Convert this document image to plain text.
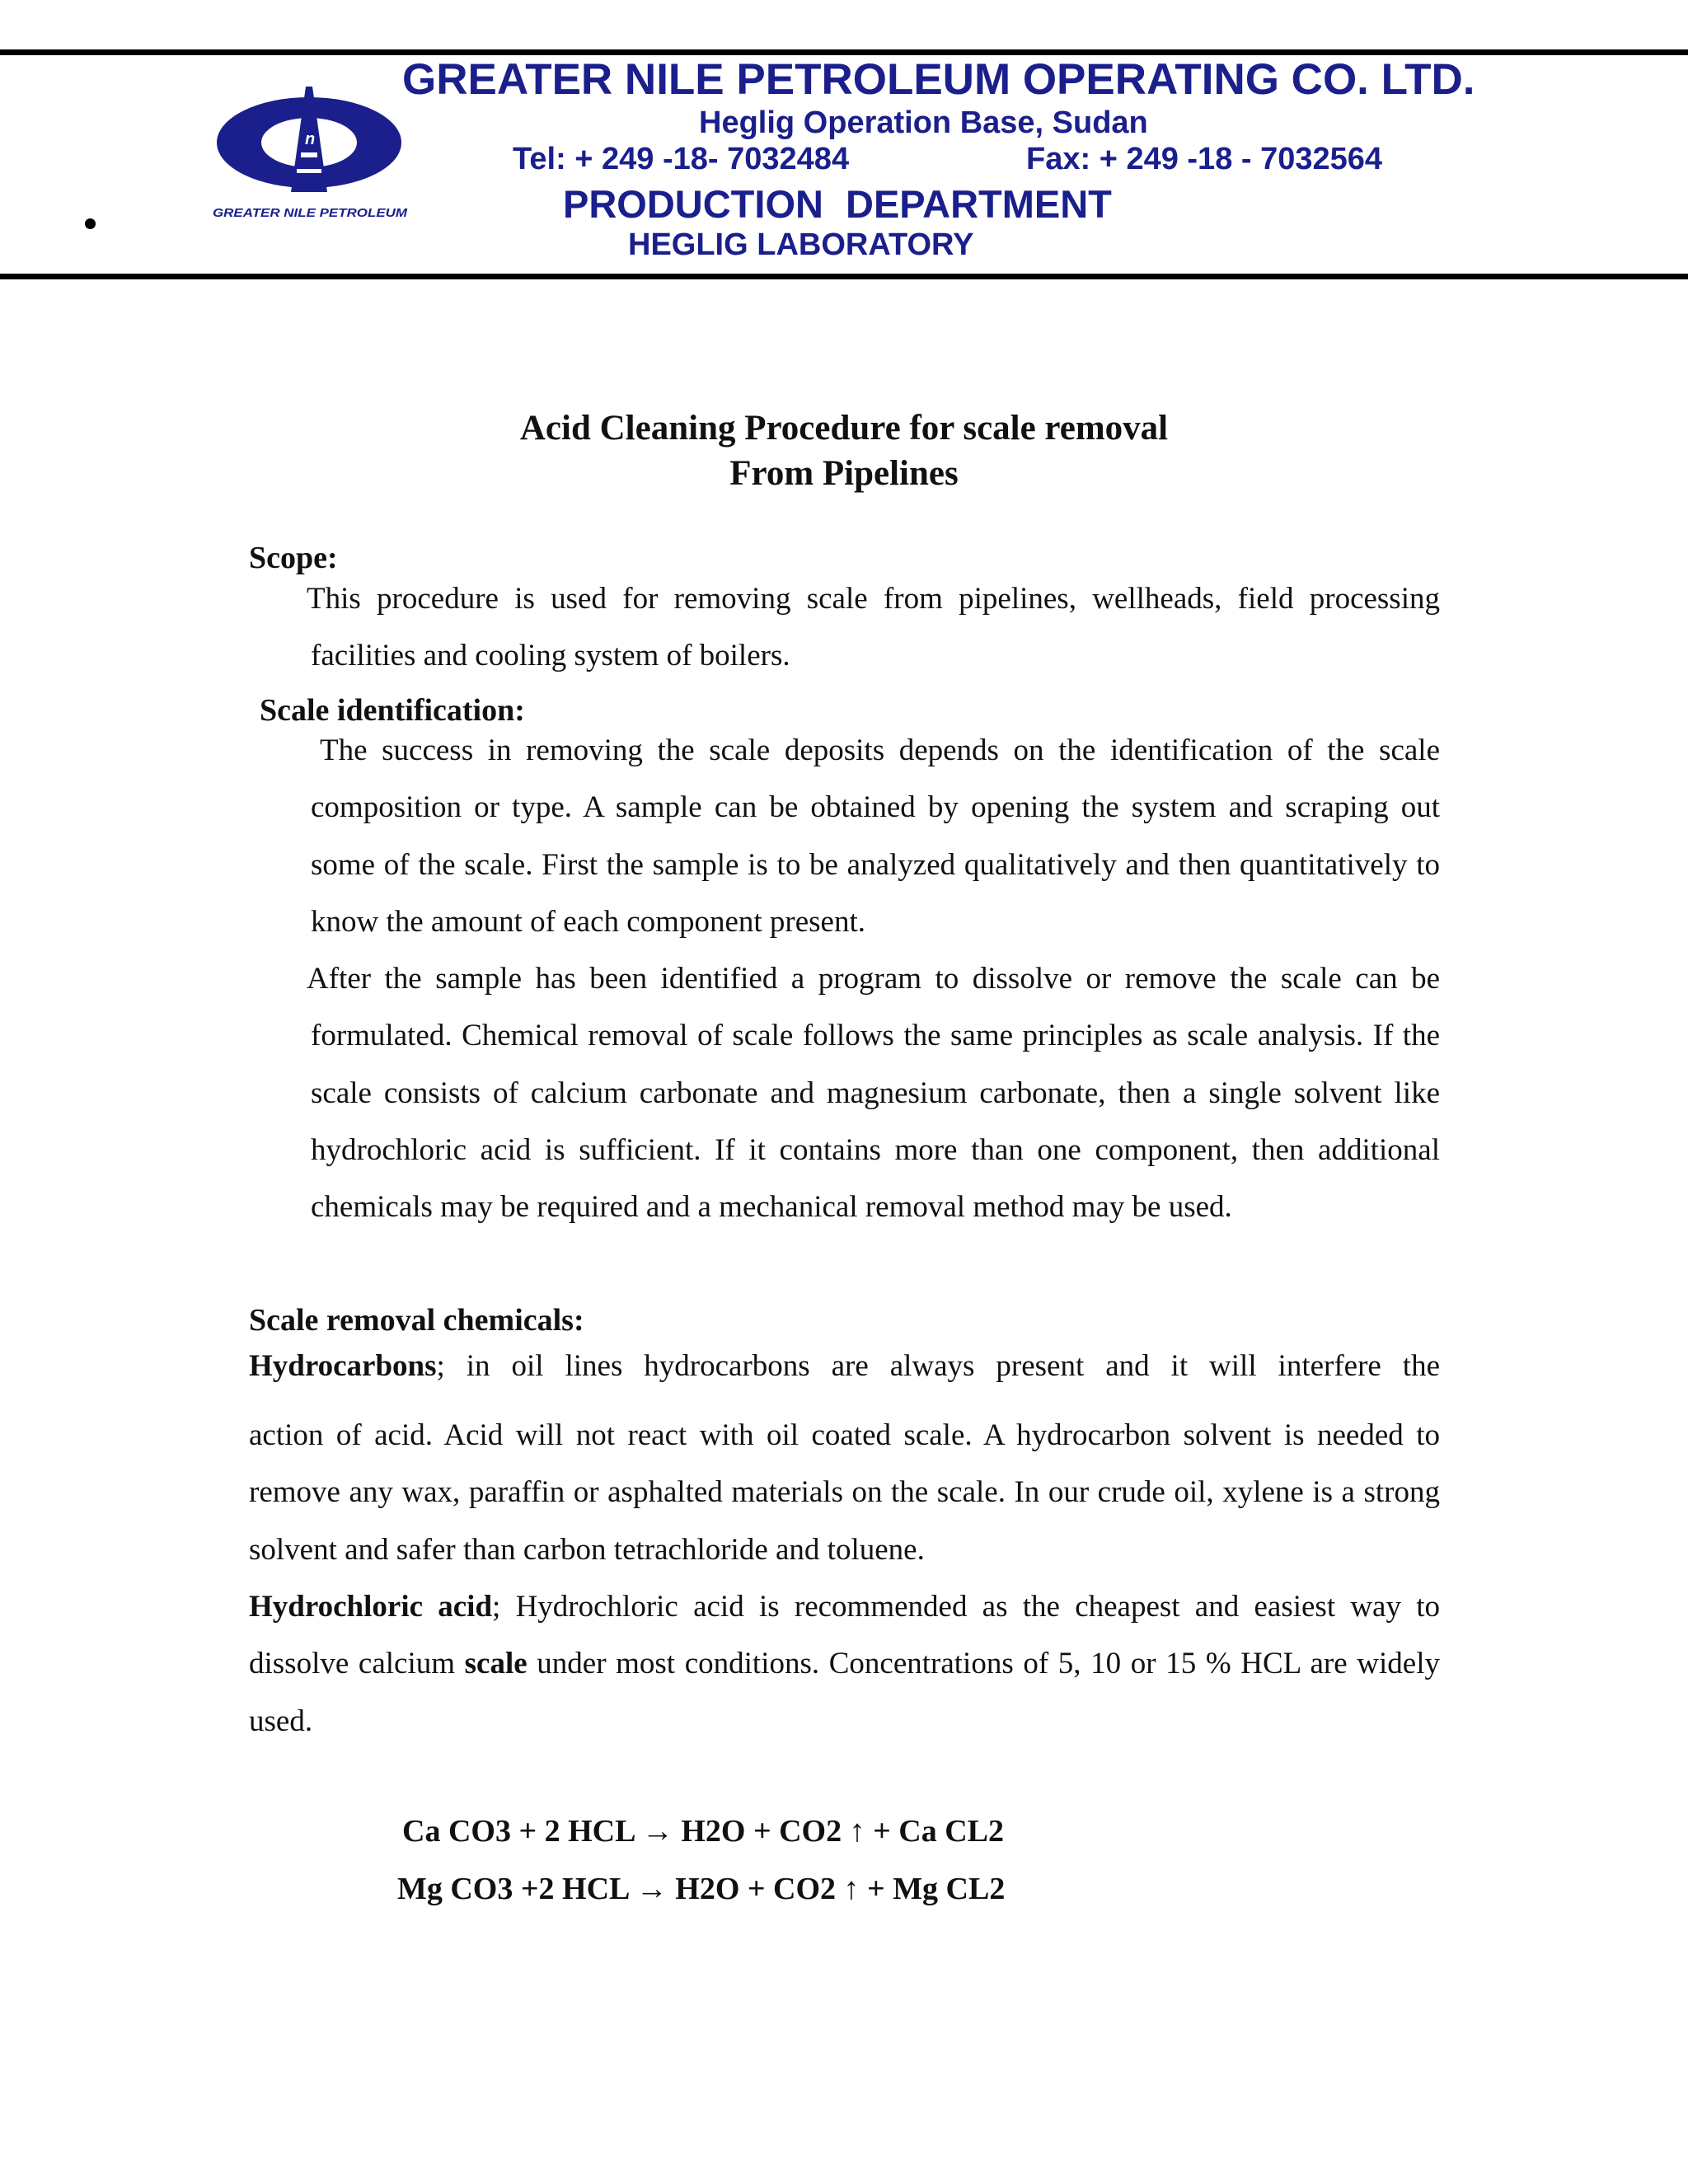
n
GREATER NILE PETROLEUM
GREATER NILE PETROLEUM OPERATING CO. LTD.
Heglig Operation Base, Sudan
Tel: + 249 -18- 7032484	Fax: + 249 -18 - 7032564
PRODUCTION DEPARTMENT
HEGLIG LABORATORY
Acid Cleaning Procedure for scale removal
From Pipelines
Scope:
This procedure is used for removing scale from pipelines, wellheads, field processing facilities and cooling system of boilers.
Scale identification:
The success in removing the scale deposits depends on the identification of the scale composition or type. A sample can be obtained by opening the system and scraping out some of the scale. First the sample is to be analyzed qualitatively and then quantitatively to know the amount of each component present.
After the sample has been identified a program to dissolve or remove the scale can be formulated. Chemical removal of scale follows the same principles as scale analysis. If the scale consists of calcium carbonate and magnesium carbonate, then a single solvent like hydrochloric acid is sufficient. If it contains more than one component, then additional chemicals may be required and a mechanical removal method may be used.
Scale removal chemicals:
Hydrocarbons; in oil lines hydrocarbons are always present and it will interfere the
action of acid. Acid will not react with oil coated scale. A hydrocarbon solvent is needed to remove any wax, paraffin or asphalted materials on the scale. In our crude oil, xylene is a strong solvent and safer than carbon tetrachloride and toluene.
Hydrochloric acid; Hydrochloric acid is recommended as the cheapest and easiest way to dissolve calcium scale under most conditions. Concentrations of 5, 10 or 15 % HCL are widely used.
Ca CO3 + 2 HCL → H2O + CO2 ↑ + Ca CL2
Mg CO3 +2 HCL → H2O + CO2 ↑ + Mg CL2
